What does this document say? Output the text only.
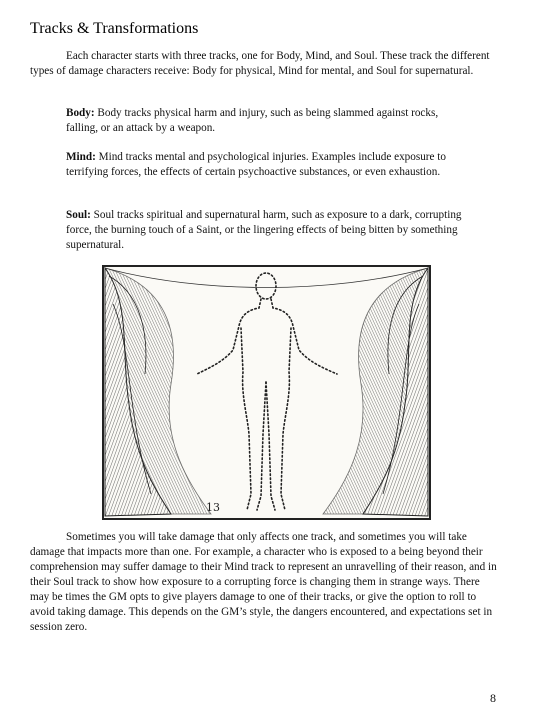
Tracks & Transformations

Each character starts with three tracks, one for Body, Mind, and Soul. These track the different types of damage characters receive: Body for physical, Mind for mental, and Soul for supernatural.

Body: Body tracks physical harm and injury, such as being slammed against rocks, falling, or an attack by a weapon.

Mind: Mind tracks mental and psychological injuries. Examples include exposure to terrifying forces, the effects of certain psychoactive substances, or even exhaustion.

Soul: Soul tracks spiritual and supernatural harm, such as exposure to a dark, corrupting force, the burning touch of a Saint, or the lingering effects of being bitten by something supernatural.

13

Sometimes you will take damage that only affects one track, and sometimes you will take damage that impacts more than one. For example, a character who is exposed to a being beyond their comprehension may suffer damage to their Mind track to represent an unravelling of their reason, and in their Soul track to show how exposure to a corrupting force is changing them in strange ways. There may be times the GM opts to give players damage to one of their tracks, or give the option to roll to avoid taking damage. This depends on the GM’s style, the dangers encountered, and expectations set in session zero.

8
